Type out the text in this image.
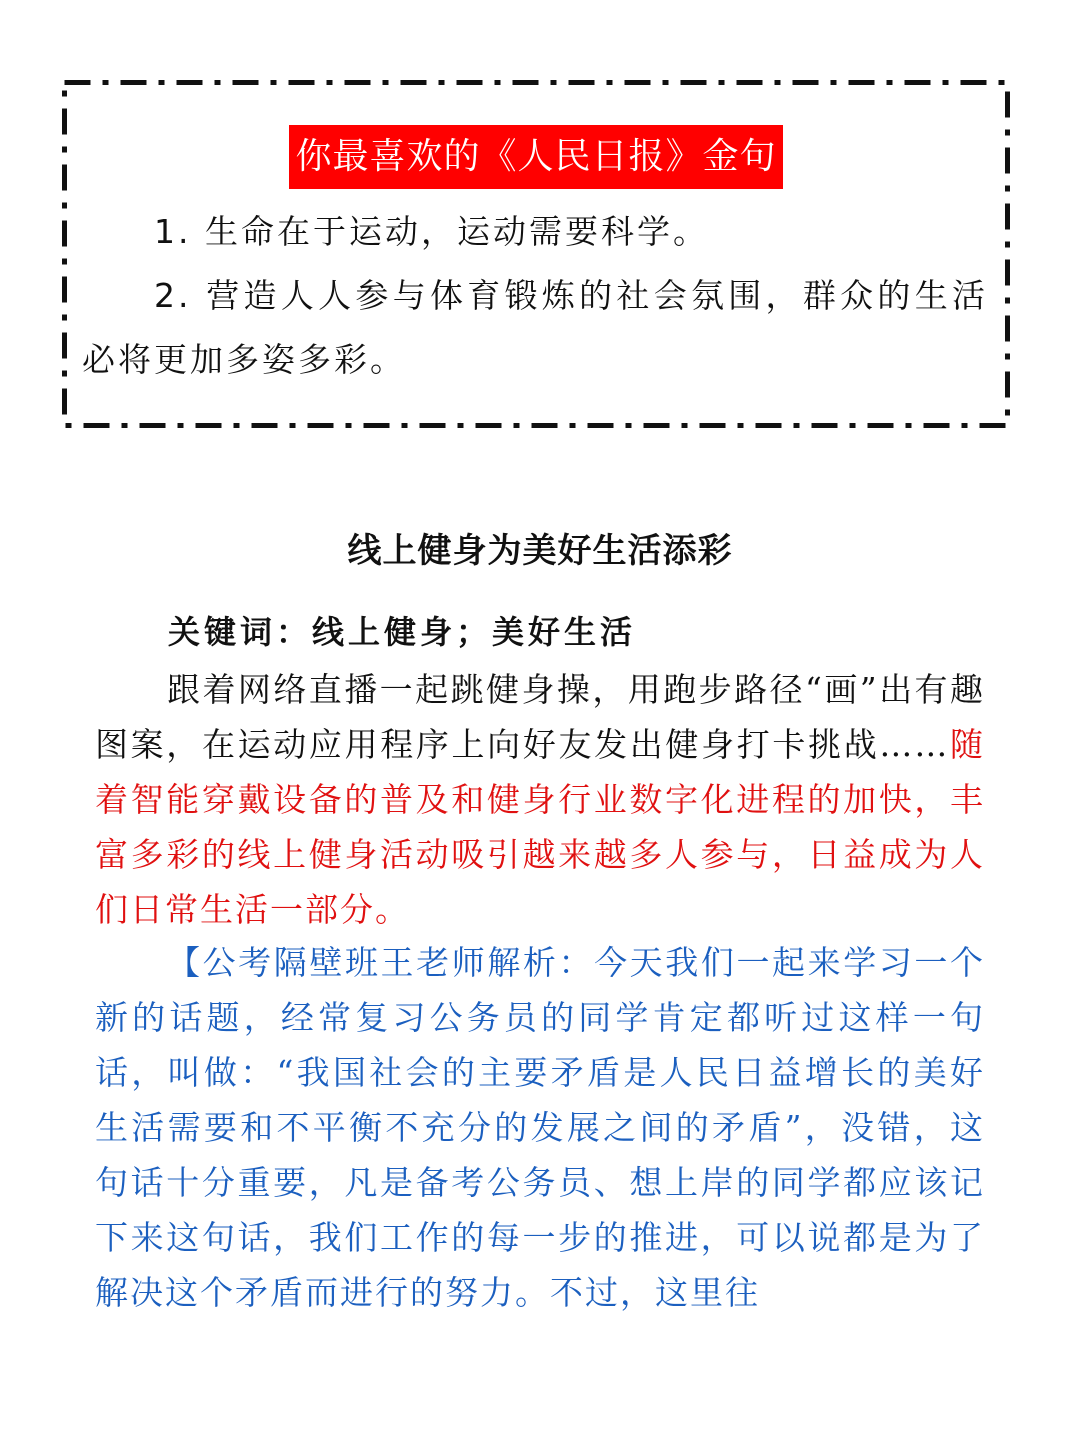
你最喜欢的《人民日报》金句
1. 生命在于运动，运动需要科学。
2. 营造人人参与体育锻炼的社会氛围，群众的生活必将更加多姿多彩。
线上健身为美好生活添彩
关键词：线上健身；美好生活

跟着网络直播一起跳健身操，用跑步路径“画”出有趣图案，在运动应用程序上向好友发出健身打卡挑战……随着智能穿戴设备的普及和健身行业数字化进程的加快，丰富多彩的线上健身活动吸引越来越多人参与，日益成为人们日常生活一部分。

【公考隔壁班王老师解析：今天我们一起来学习一个新的话题，经常复习公务员的同学肯定都听过这样一句话，叫做：“我国社会的主要矛盾是人民日益增长的美好生活需要和不平衡不充分的发展之间的矛盾”，没错，这句话十分重要，凡是备考公务员、想上岸的同学都应该记下来这句话，我们工作的每一步的推进，可以说都是为了解决这个矛盾而进行的努力。不过，这里往
